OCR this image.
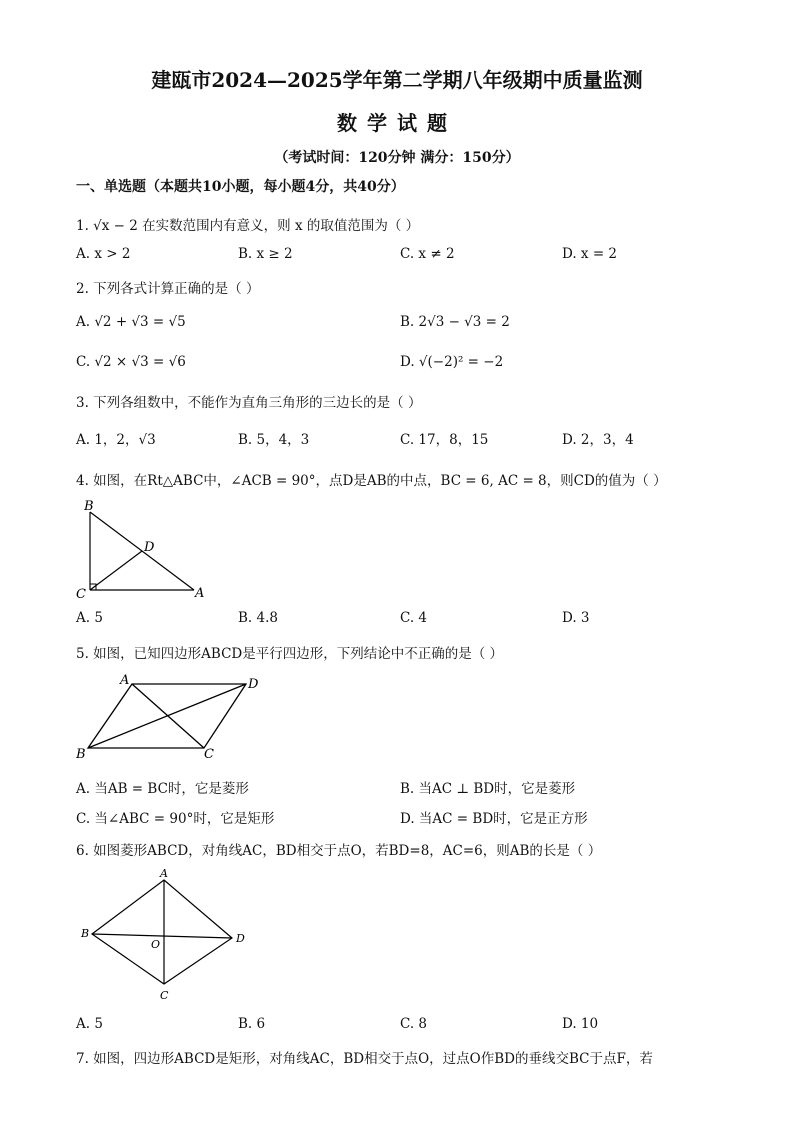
建瓯市2024—2025学年第二学期八年级期中质量监测
数学试题
（考试时间：120分钟 满分：150分）
一、单选题（本题共10小题，每小题4分，共40分）
1. √x − 2 在实数范围内有意义，则 x 的取值范围为（ ）
A. x > 2	B. x ≥ 2	C. x ≠ 2	D. x = 2
2. 下列各式计算正确的是（ ）
A. √2 + √3 = √5	B. 2√3 − √3 = 2
C. √2 × √3 = √6	D. √(−2)² = −2
3. 下列各组数中，不能作为直角三角形的三边长的是（ ）
A. 1，2，√3	B. 5，4，3	C. 17，8，15	D. 2，3，4
4. 如图，在Rt△ABC中，∠ACB = 90°，点D是AB的中点，BC = 6, AC = 8，则CD的值为（ ）
B
D
C	A
A. 5	B. 4.8	C. 4	D. 3
5. 如图，已知四边形ABCD是平行四边形，下列结论中不正确的是（ ）
A	D
B	C
A. 当AB = BC时，它是菱形	B. 当AC ⊥ BD时，它是菱形
C. 当∠ABC = 90°时，它是矩形	D. 当AC = BD时，它是正方形
6. 如图菱形ABCD，对角线AC，BD相交于点O，若BD=8，AC=6，则AB的长是（ ）
A
B
O	D
C
A. 5	B. 6	C. 8	D. 10
7. 如图，四边形ABCD是矩形，对角线AC，BD相交于点O，过点O作BD的垂线交BC于点F，若
